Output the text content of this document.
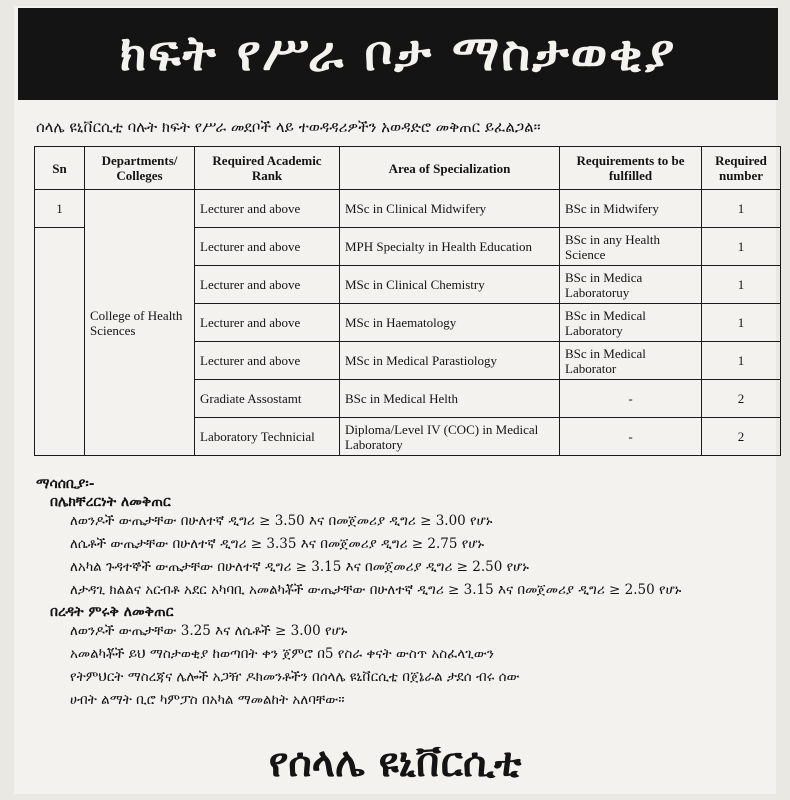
ክፍት የሥራ ቦታ ማስታወቂያ
ሰላሌ ዩኒቨርሲቲ ባሉት ክፍት የሥራ መደቦች ላይ ተወዳዳሪዎችን አወዳድሮ መቅጠር ይፈልጋል።
Sn	Departments/ Colleges	Required Academic Rank	Area of Specialization	Requirements to be fulfilled	Required number
1	College of Health Sciences	Lecturer and above	MSc in Clinical Midwifery	BSc in Midwifery	1
		Lecturer and above	MPH Specialty in Health Education	BSc in any Health Science	1
		Lecturer and above	MSc in Clinical Chemistry	BSc in Medica Laboratoruy	1
		Lecturer and above	MSc in Haematology	BSc in Medical Laboratory	1
		Lecturer and above	MSc in Medical Parastiology	BSc in Medical Laborator	1
		Gradiate Assostamt	BSc in Medical Helth	-	2
		Laboratory Technicial	Diploma/Level IV (COC) in Medical Laboratory	-	2
ማሳሰቢያ፡-
በሌክቸረርነት ለመቅጠር
ለወንዶች ውጤታቸው በሁለተኛ ዲግሪ ≥ 3.50 እና በመጀመሪያ ዲግሪ ≥ 3.00 የሆኑ
ለሴቶች ውጤታቸው በሁለተኛ ዲግሪ ≥ 3.35 እና በመጀመሪያ ዲግሪ ≥ 2.75 የሆኑ
ለአካል ጉዳተኞች ውጤታቸው በሁለተኛ ዲግሪ ≥ 3.15 እና በመጀመሪያ ዲግሪ ≥ 2.50 የሆኑ
ለታዳጊ ክልልና አርብቶ አደር አካባቢ አመልካቾች ውጤታቸው በሁለተኛ ዲግሪ ≥ 3.15 እና በመጀመሪያ ዲግሪ ≥ 2.50 የሆኑ
በረዳት ምሩቅ ለመቅጠር
ለወንዶች ውጤታቸው 3.25 እና ለሴቶች ≥ 3.00 የሆኑ
አመልካቾች ይህ ማስታወቂያ ከወጣበት ቀን ጀምሮ በ5 የስራ ቀናት ውስጥ አስፈላጊውን
የትምህርት ማስረጃና ሌሎች አጋዥ ዶክመንቶችን በሰላሌ ዩኒቨርሲቲ በጀኔራል ታደሰ ብሩ ሰው
ሀብት ልማት ቢሮ ካምፓስ በአካል ማመልከት አለባቸው።
የሰላሌ ዩኒቨርሲቲ
